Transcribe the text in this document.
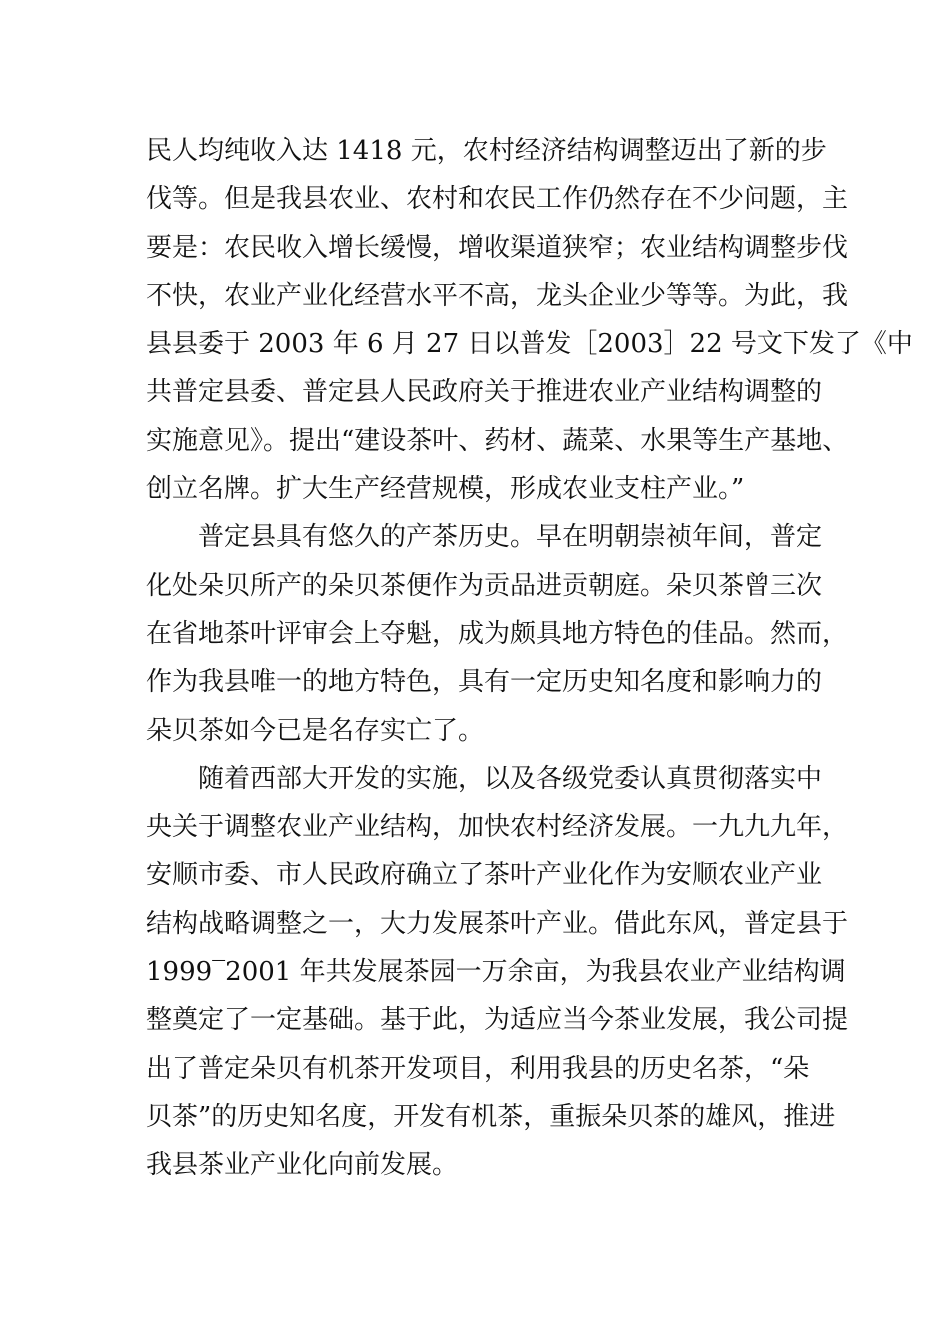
民人均纯收入达 1418 元，农村经济结构调整迈出了新的步
伐等。但是我县农业、农村和农民工作仍然存在不少问题，主
要是：农民收入增长缓慢，增收渠道狭窄；农业结构调整步伐
不快，农业产业化经营水平不高，龙头企业少等等。为此，我
县县委于 2003 年 6 月 27 日以普发［2003］22 号文下发了《中
共普定县委、普定县人民政府关于推进农业产业结构调整的
实施意见》。提出“建设茶叶、药材、蔬菜、水果等生产基地、
创立名牌。扩大生产经营规模，形成农业支柱产业。”
普定县具有悠久的产茶历史。早在明朝崇祯年间，普定
化处朵贝所产的朵贝茶便作为贡品进贡朝庭。朵贝茶曾三次
在省地茶叶评审会上夺魁，成为颇具地方特色的佳品。然而，
作为我县唯一的地方特色，具有一定历史知名度和影响力的
朵贝茶如今已是名存实亡了。
随着西部大开发的实施，以及各级党委认真贯彻落实中
央关于调整农业产业结构，加快农村经济发展。一九九九年，
安顺市委、市人民政府确立了茶叶产业化作为安顺农业产业
结构战略调整之一，大力发展茶叶产业。借此东风，普定县于
1999‾2001 年共发展茶园一万余亩，为我县农业产业结构调
整奠定了一定基础。基于此，为适应当今茶业发展，我公司提
出了普定朵贝有机茶开发项目，利用我县的历史名茶，“朵
贝茶”的历史知名度，开发有机茶，重振朵贝茶的雄风，推进
我县茶业产业化向前发展。
